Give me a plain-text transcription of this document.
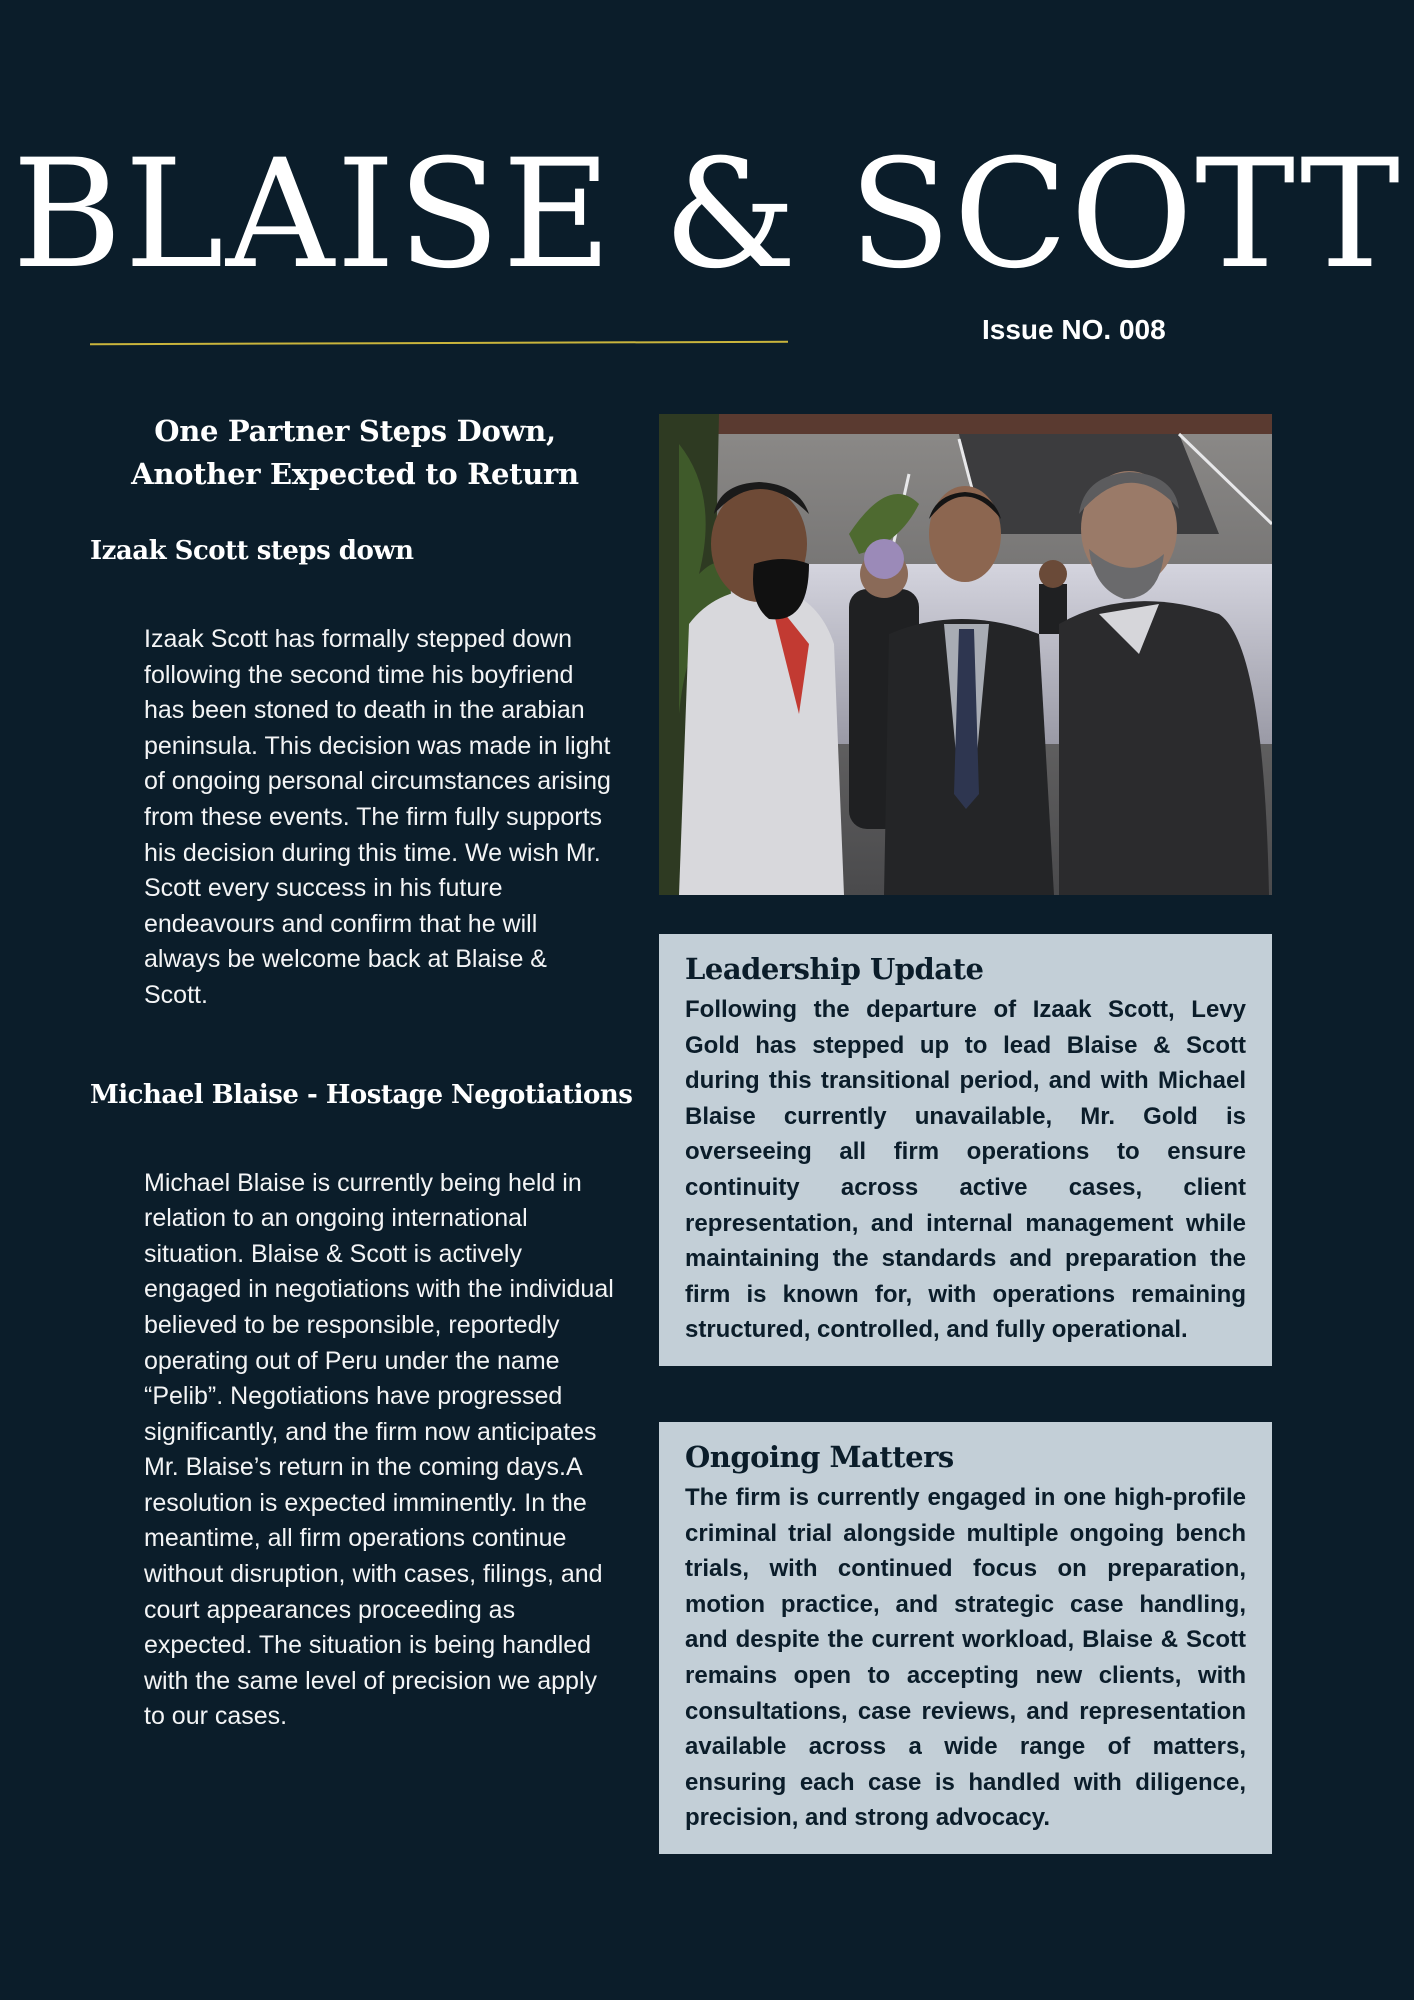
BLAISE & SCOTT
Issue NO. 008
One Partner Steps Down, Another Expected to Return
Izaak Scott steps down

Izaak Scott has formally stepped down following the second time his boyfriend has been stoned to death in the arabian peninsula. This decision was made in light of ongoing personal circumstances arising from these events. The firm fully supports his decision during this time. We wish Mr. Scott every success in his future endeavours and confirm that he will always be welcome back at Blaise & Scott.

Michael Blaise - Hostage Negotiations

Michael Blaise is currently being held in relation to an ongoing international situation. Blaise & Scott is actively engaged in negotiations with the individual believed to be responsible, reportedly operating out of Peru under the name “Pelib”. Negotiations have progressed significantly, and the firm now anticipates Mr. Blaise’s return in the coming days.A resolution is expected imminently. In the meantime, all firm operations continue without disruption, with cases, filings, and court appearances proceeding as expected. The situation is being handled with the same level of precision we apply to our cases.

Leadership Update

Following the departure of Izaak Scott, Levy Gold has stepped up to lead Blaise & Scott during this transitional period, and with Michael Blaise currently unavailable, Mr. Gold is overseeing all firm operations to ensure continuity across active cases, client representation, and internal management while maintaining the standards and preparation the firm is known for, with operations remaining structured, controlled, and fully operational.

Ongoing Matters

The firm is currently engaged in one high-profile criminal trial alongside multiple ongoing bench trials, with continued focus on preparation, motion practice, and strategic case handling, and despite the current workload, Blaise & Scott remains open to accepting new clients, with consultations, case reviews, and representation available across a wide range of matters, ensuring each case is handled with diligence, precision, and strong advocacy.
